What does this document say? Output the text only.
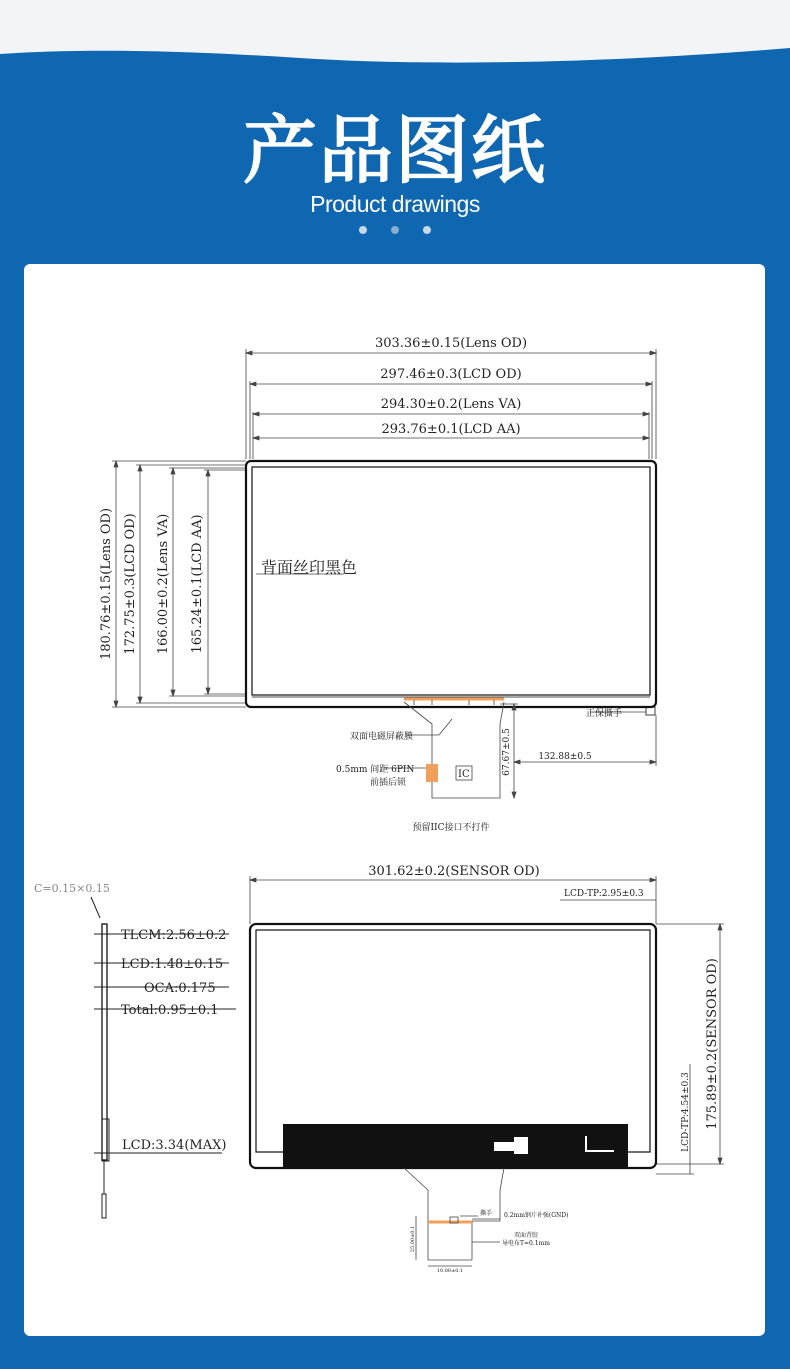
产品图纸
Product drawings

303.36±0.15(Lens OD)
297.46±0.3(LCD OD)
294.30±0.2(Lens VA)
293.76±0.1(LCD AA)
180.76±0.15(Lens OD) 172.75±0.3(LCD OD) 166.00±0.2(Lens VA) 165.24±0.1(LCD AA)	背面丝印黑色
正保撕手
双面电磁屏蔽膜	67.67±0.5	132.88±0.5
0.5mm 间距 6PIN
前插后锁
IC
预留IIC接口不打件
C=0.15×0.15
TLCM:2.56±0.2
LCD:1.48±0.15
OCA:0.175
Total:0.95±0.1
LCD:3.34(MAX)
301.62±0.2(SENSOR OD)
LCD-TP:2.95±0.3
175.89±0.2(SENSOR OD)
LCD-TP:4.54±0.3
撕手 0.2mm钢片补强(GND)
双面背胶
导电布T=0.1mm
25.00±0.1
10.80±0.1
